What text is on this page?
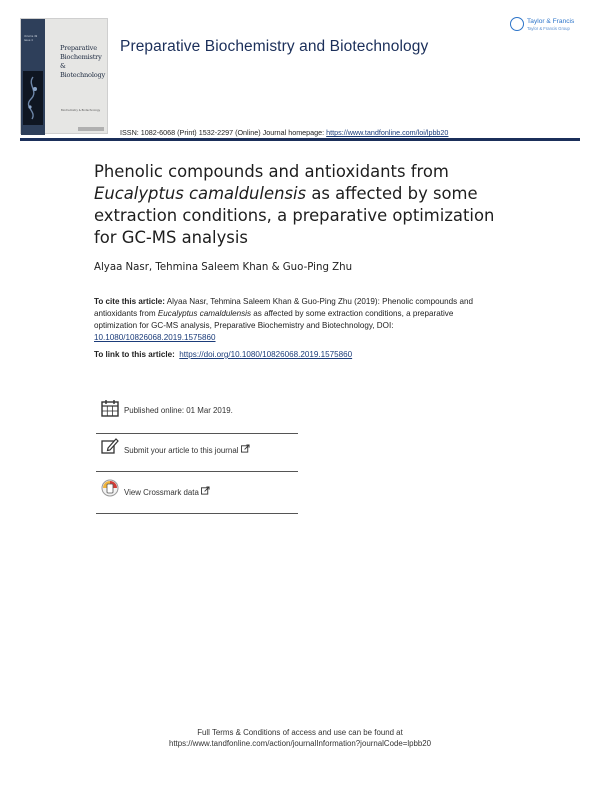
Volume 49 Issue 4
Preparative Biochemistry & Biotechnology
Biochemistry & Biotechnology
Preparative Biochemistry and Biotechnology
Taylor & Francis
Taylor & Francis Group
ISSN: 1082-6068 (Print) 1532-2297 (Online) Journal homepage: https://www.tandfonline.com/loi/lpbb20
Phenolic compounds and antioxidants from
Eucalyptus camaldulensis as affected by some
extraction conditions, a preparative optimization
for GC-MS analysis
Alyaa Nasr, Tehmina Saleem Khan & Guo-Ping Zhu
To cite this article: Alyaa Nasr, Tehmina Saleem Khan & Guo-Ping Zhu (2019): Phenolic compounds and antioxidants from Eucalyptus camaldulensis as affected by some extraction conditions, a preparative optimization for GC-MS analysis, Preparative Biochemistry and Biotechnology, DOI: 10.1080/10826068.2019.1575860
To link to this article: https://doi.org/10.1080/10826068.2019.1575860
Published online: 01 Mar 2019.
Submit your article to this journal
View Crossmark data
Full Terms & Conditions of access and use can be found at
https://www.tandfonline.com/action/journalInformation?journalCode=lpbb20
